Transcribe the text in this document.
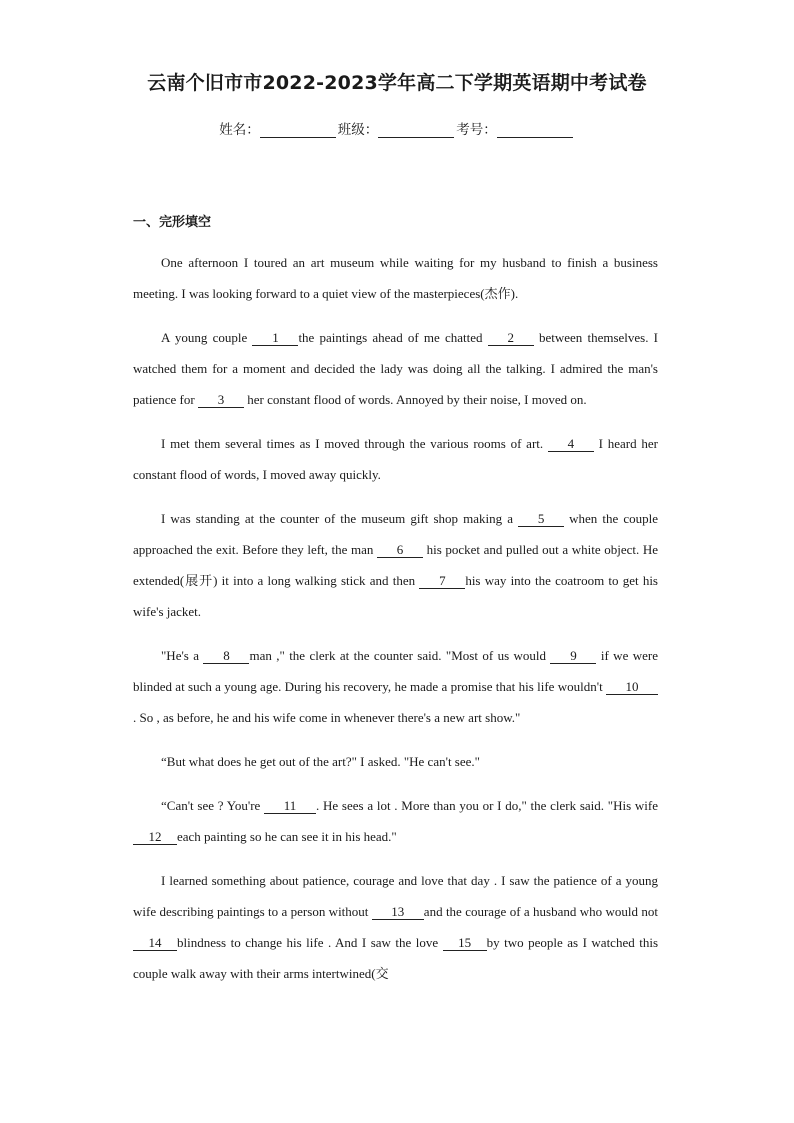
云南个旧市市2022-2023学年高二下学期英语期中考试卷
姓名：	班级：	考号：
一、完形填空

One afternoon I toured an art museum while waiting for my husband to finish a business meeting. I was looking forward to a quiet view of the masterpieces(杰作).

A young couple 1 the paintings ahead of me chatted 2 between themselves. I watched them for a moment and decided the lady was doing all the talking. I admired the man's patience for 3 her constant flood of words. Annoyed by their noise, I moved on.

I met them several times as I moved through the various rooms of art. 4 I heard her constant flood of words, I moved away quickly.

I was standing at the counter of the museum gift shop making a 5 when the couple approached the exit. Before they left, the man 6 his pocket and pulled out a white object. He extended(展开) it into a long walking stick and then 7 his way into the coatroom to get his wife's jacket.

"He's a 8 man ," the clerk at the counter said. "Most of us would 9 if we were blinded at such a young age. During his recovery, he made a promise that his life wouldn't 10. So , as before, he and his wife come in whenever there's a new art show."

“But what does he get out of the art?" I asked. "He can't see."

“Can't see ? You're 11 . He sees a lot . More than you or I do," the clerk said. "His wife 12 each painting so he can see it in his head."

I learned something about patience, courage and love that day . I saw the patience of a young wife describing paintings to a person without 13 and the courage of a husband who would not 14 blindness to change his life . And I saw the love 15 by two people as I watched this couple walk away with their arms intertwined(交
